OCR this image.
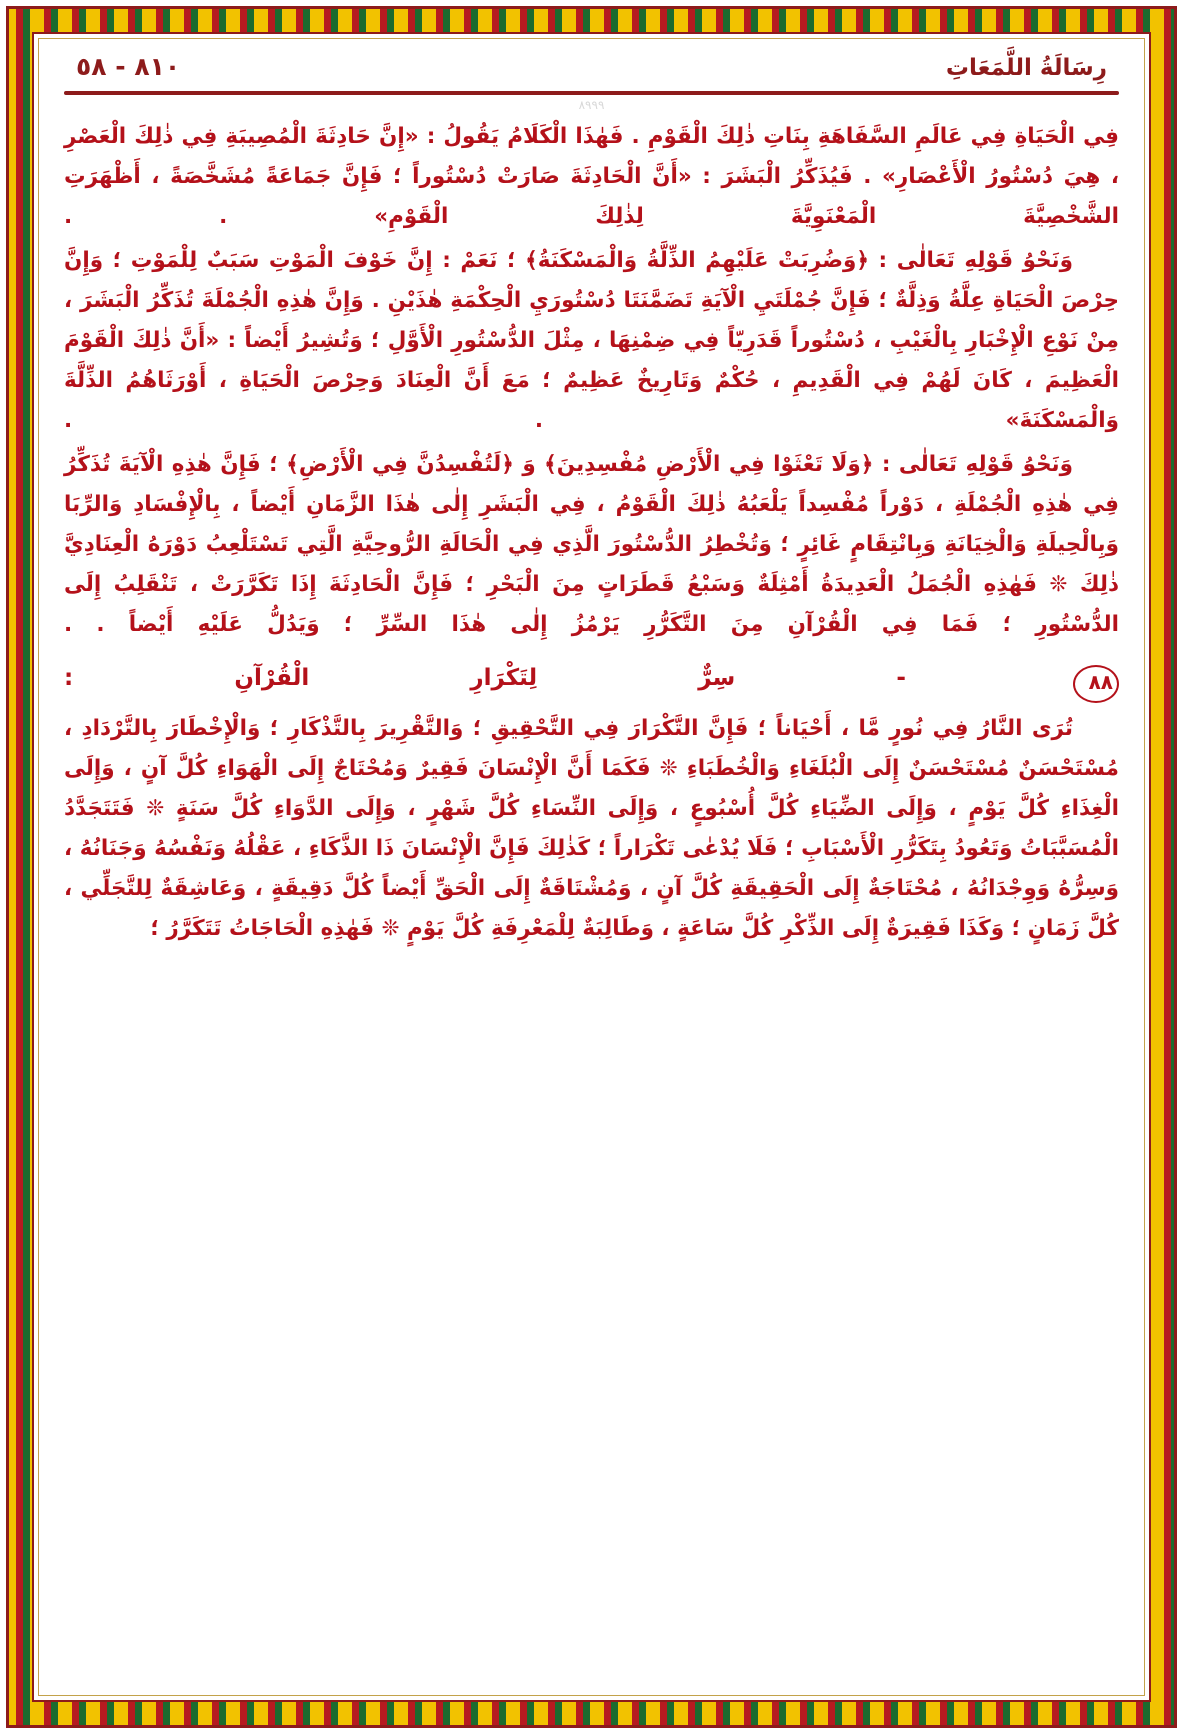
٨٩٩٩
٨١٠ - ٥٨	رِسَالَةُ اللَّمَعَاتِ

فِي الْحَيَاةِ فِي عَالَمِ السَّفَاهَةِ بِنَاتِ ذٰلِكَ الْقَوْمِ . فَهٰذَا الْكَلَامُ يَقُولُ : «إِنَّ حَادِثَةَ الْمُصِيبَةِ فِي ذٰلِكَ الْعَصْرِ ، هِيَ دُسْتُورُ الْأَعْصَارِ» . فَيُذَكِّرُ الْبَشَرَ : «أَنَّ الْحَادِثَةَ صَارَتْ دُسْتُوراً ؛ فَإِنَّ جَمَاعَةً مُشَخَّصَةً ، أَظْهَرَتِ الشَّخْصِيَّةَ الْمَعْنَوِيَّةَ لِذٰلِكَ الْقَوْمِ» . .

وَنَحْوُ قَوْلِهِ تَعَالٰى : ﴿وَضُرِبَتْ عَلَيْهِمُ الذِّلَّةُ وَالْمَسْكَنَةُ﴾ ؛ نَعَمْ : إِنَّ خَوْفَ الْمَوْتِ سَبَبٌ لِلْمَوْتِ ؛ وَإِنَّ حِرْصَ الْحَيَاةِ عِلَّةُ وَذِلَّةٌ ؛ فَإِنَّ جُمْلَتَيِ الْآيَةِ تَضَمَّنَتَا دُسْتُورَيِ الْحِكْمَةِ هٰذَيْنِ . وَإِنَّ هٰذِهِ الْجُمْلَةَ تُذَكِّرُ الْبَشَرَ ، مِنْ نَوْعِ الْإِخْبَارِ بِالْغَيْبِ ، دُسْتُوراً قَدَرِيّاً فِي ضِمْنِهَا ، مِثْلَ الدُّسْتُورِ الْأَوَّلِ ؛ وَتُشِيرُ أَيْضاً : «أَنَّ ذٰلِكَ الْقَوْمَ الْعَظِيمَ ، كَانَ لَهُمْ فِي الْقَدِيمِ ، حُكْمٌ وَتَارِيخٌ عَظِيمٌ ؛ مَعَ أَنَّ الْعِنَادَ وَحِرْصَ الْحَيَاةِ ، أَوْرَثَاهُمُ الذِّلَّةَ وَالْمَسْكَنَةَ» . .

وَنَحْوُ قَوْلِهِ تَعَالٰى : ﴿وَلَا تَعْثَوْا فِي الْأَرْضِ مُفْسِدِينَ﴾ وَ ﴿لَتُفْسِدُنَّ فِي الْأَرْضِ﴾ ؛ فَإِنَّ هٰذِهِ الْآيَةَ تُذَكِّرُ فِي هٰذِهِ الْجُمْلَةِ ، دَوْراً مُفْسِداً يَلْعَبُهُ ذٰلِكَ الْقَوْمُ ، فِي الْبَشَرِ إِلٰى هٰذَا الزَّمَانِ أَيْضاً ، بِالْإِفْسَادِ وَالرِّبَا وَبِالْحِيلَةِ وَالْخِيَانَةِ وَبِانْتِقَامٍ غَائِرٍ ؛ وَتُخْطِرُ الدُّسْتُورَ الَّذِي فِي الْحَالَةِ الرُّوحِيَّةِ الَّتِي تَسْتَلْعِبُ دَوْرَهُ الْعِنَادِيَّ ذٰلِكَ ❊ فَهٰذِهِ الْجُمَلُ الْعَدِيدَةُ أَمْثِلَةٌ وَسَبْعُ قَطَرَاتٍ مِنَ الْبَحْرِ ؛ فَإِنَّ الْحَادِثَةَ إِذَا تَكَرَّرَتْ ، تَنْقَلِبُ إِلَى الدُّسْتُورِ ؛ فَمَا فِي الْقُرْآنِ مِنَ التَّكَرُّرِ يَرْمُزُ إِلٰى هٰذَا السِّرِّ ؛ وَيَدُلُّ عَلَيْهِ أَيْضاً . .

٨٨ - سِرٌّ لِتَكْرَارِ الْقُرْآنِ :

تُرَى النَّارُ فِي نُورٍ مَّا ، أَحْيَاناً ؛ فَإِنَّ التَّكْرَارَ فِي التَّحْقِيقِ ؛ وَالتَّقْرِيرَ بِالتَّذْكَارِ ؛ وَالْإِخْطَارَ بِالتَّرْدَادِ ، مُسْتَحْسَنٌ مُسْتَحْسَنٌ إِلَى الْبُلَغَاءِ وَالْخُطَبَاءِ ❊ فَكَمَا أَنَّ الْإِنْسَانَ فَقِيرٌ وَمُحْتَاجٌ إِلَى الْهَوَاءِ كُلَّ آنٍ ، وَإِلَى الْغِذَاءِ كُلَّ يَوْمٍ ، وَإِلَى الضِّيَاءِ كُلَّ أُسْبُوعٍ ، وَإِلَى النِّسَاءِ كُلَّ شَهْرٍ ، وَإِلَى الدَّوَاءِ كُلَّ سَنَةٍ ❊ فَتَتَجَدَّدُ الْمُسَبَّبَاتُ وَتَعُودُ بِتَكَرُّرِ الْأَسْبَابِ ؛ فَلَا يُدْعٰى تَكْرَاراً ؛ كَذٰلِكَ فَإِنَّ الْإِنْسَانَ ذَا الذَّكَاءِ ، عَقْلُهُ وَنَفْسُهُ وَجَنَانُهُ ، وَسِرُّهُ وَوِجْدَانُهُ ، مُحْتَاجَةٌ إِلَى الْحَقِيقَةِ كُلَّ آنٍ ، وَمُشْتَاقَةٌ إِلَى الْحَقِّ أَيْضاً كُلَّ دَقِيقَةٍ ، وَعَاشِقَةٌ لِلتَّجَلِّي ، كُلَّ زَمَانٍ ؛ وَكَذَا فَقِيرَةٌ إِلَى الذِّكْرِ كُلَّ سَاعَةٍ ، وَطَالِبَةٌ لِلْمَعْرِفَةِ كُلَّ يَوْمٍ ❊ فَهٰذِهِ الْحَاجَاتُ تَتَكَرَّرُ ؛
